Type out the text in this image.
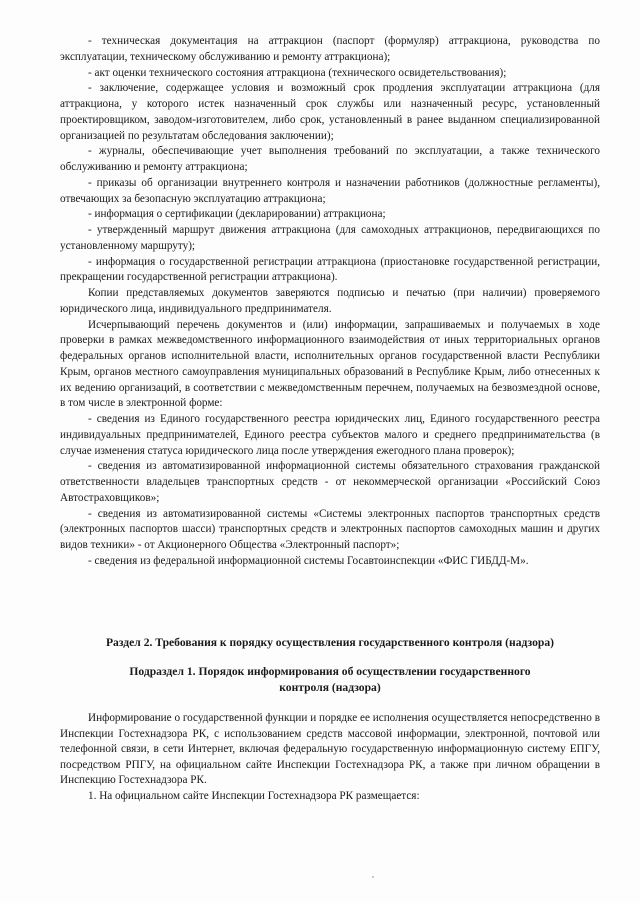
- техническая документация на аттракцион (паспорт (формуляр) аттракциона, руководства по эксплуатации, техническому обслуживанию и ремонту аттракциона);

- акт оценки технического состояния аттракциона (технического освидетельствования);

- заключение, содержащее условия и возможный срок продления эксплуатации аттракциона (для аттракциона, у которого истек назначенный срок службы или назначенный ресурс, установленный проектировщиком, заводом-изготовителем, либо срок, установленный в ранее выданном специализированной организацией по результатам обследования заключении);

- журналы, обеспечивающие учет выполнения требований по эксплуатации, а также технического обслуживанию и ремонту аттракциона;

- приказы об организации внутреннего контроля и назначении работников (должностные регламенты), отвечающих за безопасную эксплуатацию аттракциона;

- информация о сертификации (декларировании) аттракциона;

- утвержденный маршрут движения аттракциона (для самоходных аттракционов, передвигающихся по установленному маршруту);

- информация о государственной регистрации аттракциона (приостановке государственной регистрации, прекращении государственной регистрации аттракциона).

Копии представляемых документов заверяются подписью и печатью (при наличии) проверяемого юридического лица, индивидуального предпринимателя.

Исчерпывающий перечень документов и (или) информации, запрашиваемых и получаемых в ходе проверки в рамках межведомственного информационного взаимодействия от иных территориальных органов федеральных органов исполнительной власти, исполнительных органов государственной власти Республики Крым, органов местного самоуправления муниципальных образований в Республике Крым, либо отнесенных к их ведению организаций, в соответствии с межведомственным перечнем, получаемых на безвозмездной основе, в том числе в электронной форме:

- сведения из Единого государственного реестра юридических лиц, Единого государственного реестра индивидуальных предпринимателей, Единого реестра субъектов малого и среднего предпринимательства (в случае изменения статуса юридического лица после утверждения ежегодного плана проверок);

- сведения из автоматизированной информационной системы обязательного страхования гражданской ответственности владельцев транспортных средств - от некоммерческой организации «Российский Союз Автостраховщиков»;

- сведения из автоматизированной системы «Системы электронных паспортов транспортных средств (электронных паспортов шасси) транспортных средств и электронных паспортов самоходных машин и других видов техники» - от Акционерного Общества «Электронный паспорт»;

- сведения из федеральной информационной системы Госавтоинспекции «ФИС ГИБДД-М».

Раздел 2. Требования к порядку осуществления государственного контроля (надзора)
Подраздел 1. Порядок информирования об осуществлении государственного контроля (надзора)

Информирование о государственной функции и порядке ее исполнения осуществляется непосредственно в Инспекции Гостехнадзора РК, с использованием средств массовой информации, электронной, почтовой или телефонной связи, в сети Интернет, включая федеральную государственную информационную систему ЕПГУ, посредством РПГУ, на официальном сайте Инспекции Гостехнадзора РК, а также при личном обращении в Инспекцию Гостехнадзора РК.

1. На официальном сайте Инспекции Гостехнадзора РК размещается:
